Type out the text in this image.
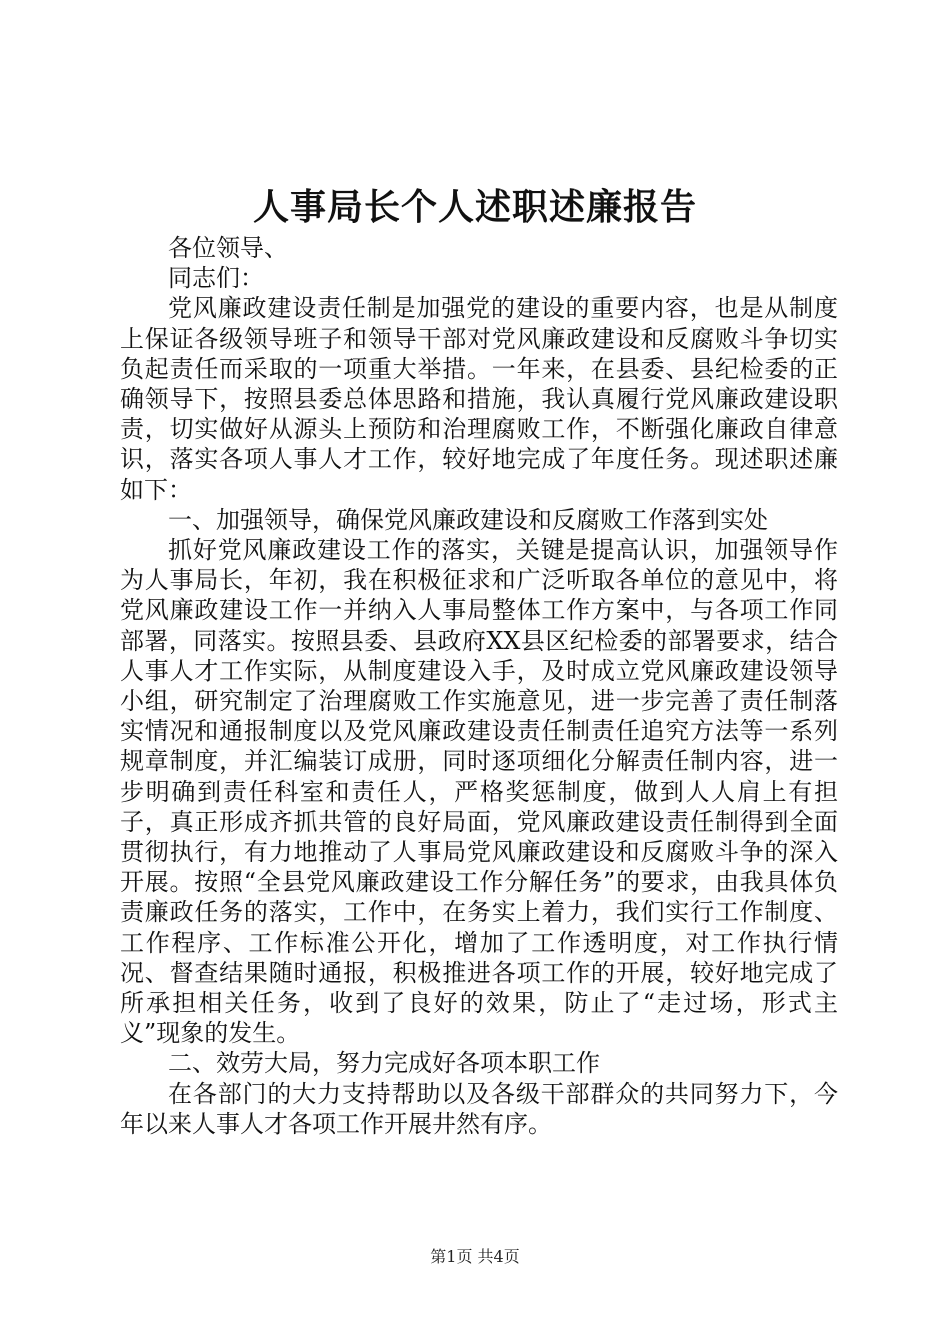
人事局长个人述职述廉报告

各位领导、

同志们：

党风廉政建设责任制是加强党的建设的重要内容，也是从制度上保证各级领导班子和领导干部对党风廉政建设和反腐败斗争切实负起责任而采取的一项重大举措。一年来，在县委、县纪检委的正确领导下，按照县委总体思路和措施，我认真履行党风廉政建设职责，切实做好从源头上预防和治理腐败工作，不断强化廉政自律意识，落实各项人事人才工作，较好地完成了年度任务。现述职述廉如下：

一、加强领导，确保党风廉政建设和反腐败工作落到实处

抓好党风廉政建设工作的落实，关键是提高认识，加强领导作为人事局长，年初，我在积极征求和广泛听取各单位的意见中，将党风廉政建设工作一并纳入人事局整体工作方案中，与各项工作同部署，同落实。按照县委、县政府XX县区纪检委的部署要求，结合人事人才工作实际，从制度建设入手，及时成立党风廉政建设领导小组，研究制定了治理腐败工作实施意见，进一步完善了责任制落实情况和通报制度以及党风廉政建设责任制责任追究方法等一系列规章制度，并汇编装订成册，同时逐项细化分解责任制内容，进一步明确到责任科室和责任人，严格奖惩制度，做到人人肩上有担子，真正形成齐抓共管的良好局面，党风廉政建设责任制得到全面贯彻执行，有力地推动了人事局党风廉政建设和反腐败斗争的深入开展。按照“全县党风廉政建设工作分解任务”的要求，由我具体负责廉政任务的落实，工作中，在务实上着力，我们实行工作制度、工作程序、工作标准公开化，增加了工作透明度，对工作执行情况、督查结果随时通报，积极推进各项工作的开展，较好地完成了所承担相关任务，收到了良好的效果，防止了“走过场，形式主义”现象的发生。

二、效劳大局，努力完成好各项本职工作

在各部门的大力支持帮助以及各级干部群众的共同努力下，今年以来人事人才各项工作开展井然有序。

第1页 共4页
